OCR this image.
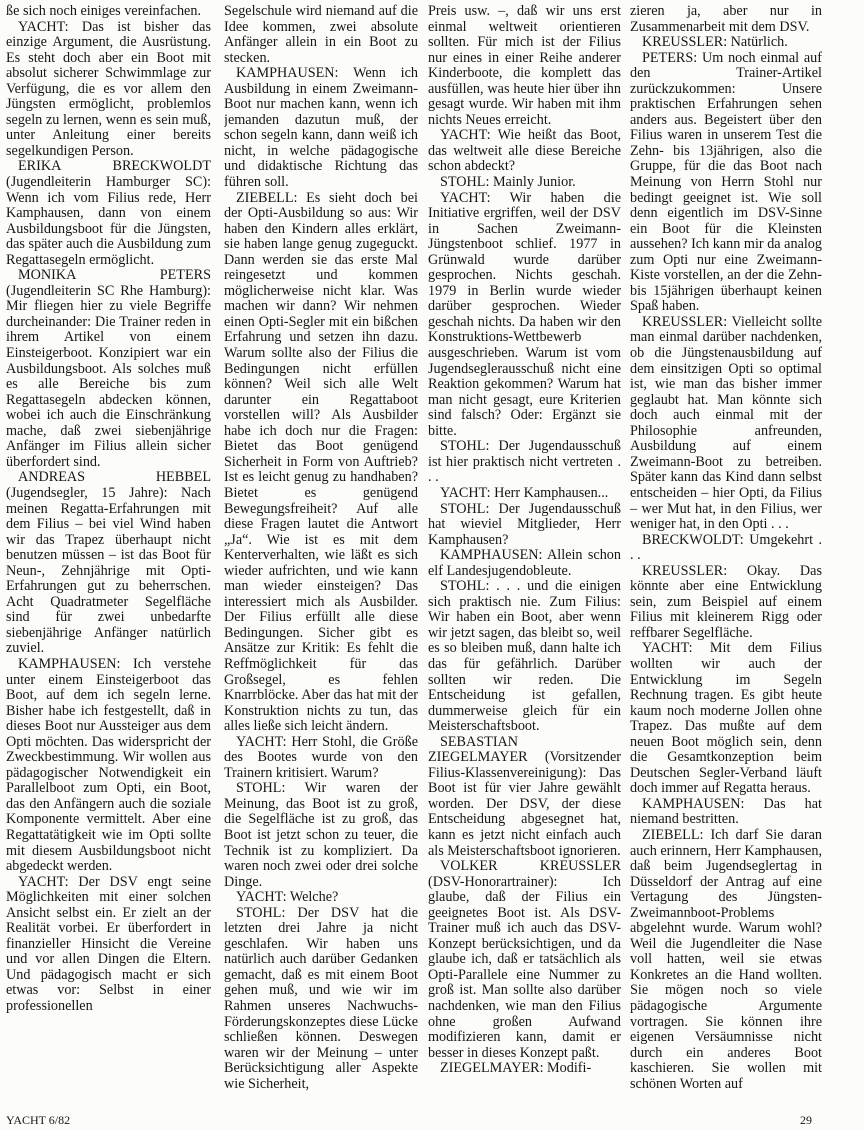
ße sich noch einiges vereinfachen.

YACHT: Das ist bisher das einzige Argument, die Ausrüstung. Es steht doch aber ein Boot mit absolut sicherer Schwimmlage zur Verfügung, die es vor allem den Jüngsten ermöglicht, problemlos segeln zu lernen, wenn es sein muß, unter Anleitung einer bereits segelkundigen Person.

ERIKA BRECKWOLDT (Jugendleiterin Hamburger SC): Wenn ich vom Filius rede, Herr Kamphausen, dann von einem Ausbildungsboot für die Jüngsten, das später auch die Ausbildung zum Regattasegeln ermöglicht.

MONIKA PETERS (Jugendleiterin SC Rhe Hamburg): Mir fliegen hier zu viele Begriffe durcheinander: Die Trainer reden in ihrem Artikel von einem Einsteigerboot. Konzipiert war ein Ausbildungsboot. Als solches muß es alle Bereiche bis zum Regattasegeln abdecken können, wobei ich auch die Einschränkung mache, daß zwei siebenjährige Anfänger im Filius allein sicher überfordert sind.

ANDREAS HEBBEL (Jugendsegler, 15 Jahre): Nach meinen Regatta-Erfahrungen mit dem Filius – bei viel Wind haben wir das Trapez überhaupt nicht benutzen müssen – ist das Boot für Neun-, Zehnjährige mit Opti-Erfahrungen gut zu beherrschen. Acht Quadratmeter Segelfläche sind für zwei unbedarfte siebenjährige Anfänger natürlich zuviel.

KAMPHAUSEN: Ich verstehe unter einem Einsteigerboot das Boot, auf dem ich segeln lerne. Bisher habe ich festgestellt, daß in dieses Boot nur Aussteiger aus dem Opti möchten. Das widerspricht der Zweckbestimmung. Wir wollen aus pädagogischer Notwendigkeit ein Parallelboot zum Opti, ein Boot, das den Anfängern auch die soziale Komponente vermittelt. Aber eine Regattatätigkeit wie im Opti sollte mit diesem Ausbildungsboot nicht abgedeckt werden.

YACHT: Der DSV engt seine Möglichkeiten mit einer solchen Ansicht selbst ein. Er zielt an der Realität vorbei. Er überfordert in finanzieller Hinsicht die Vereine und vor allen Dingen die Eltern. Und pädagogisch macht er sich etwas vor: Selbst in einer professionellen

Segelschule wird niemand auf die Idee kommen, zwei absolute Anfänger allein in ein Boot zu stecken.

KAMPHAUSEN: Wenn ich Ausbildung in einem Zweimann-Boot nur machen kann, wenn ich jemanden dazutun muß, der schon segeln kann, dann weiß ich nicht, in welche pädagogische und didaktische Richtung das führen soll.

ZIEBELL: Es sieht doch bei der Opti-Ausbildung so aus: Wir haben den Kindern alles erklärt, sie haben lange genug zugeguckt. Dann werden sie das erste Mal reingesetzt und kommen möglicherweise nicht klar. Was machen wir dann? Wir nehmen einen Opti-Segler mit ein bißchen Erfahrung und setzen ihn dazu. Warum sollte also der Filius die Bedingungen nicht erfüllen können? Weil sich alle Welt darunter ein Regattaboot vorstellen will? Als Ausbilder habe ich doch nur die Fragen: Bietet das Boot genügend Sicherheit in Form von Auftrieb? Ist es leicht genug zu handhaben? Bietet es genügend Bewegungsfreiheit? Auf alle diese Fragen lautet die Antwort „Ja“. Wie ist es mit dem Kenterverhalten, wie läßt es sich wieder aufrichten, und wie kann man wieder einsteigen? Das interessiert mich als Ausbilder. Der Filius erfüllt alle diese Bedingungen. Sicher gibt es Ansätze zur Kritik: Es fehlt die Reffmöglichkeit für das Großsegel, es fehlen Knarrblöcke. Aber das hat mit der Konstruktion nichts zu tun, das alles ließe sich leicht ändern.

YACHT: Herr Stohl, die Größe des Bootes wurde von den Trainern kritisiert. Warum?

STOHL: Wir waren der Meinung, das Boot ist zu groß, die Segelfläche ist zu groß, das Boot ist jetzt schon zu teuer, die Technik ist zu kompliziert. Da waren noch zwei oder drei solche Dinge.

YACHT: Welche?

STOHL: Der DSV hat die letzten drei Jahre ja nicht geschlafen. Wir haben uns natürlich auch darüber Gedanken gemacht, daß es mit einem Boot gehen muß, und wie wir im Rahmen unseres Nachwuchs-Förderungskonzeptes diese Lücke schließen können. Deswegen waren wir der Meinung – unter Berücksichtigung aller Aspekte wie Sicherheit,

Preis usw. –, daß wir uns erst einmal weltweit orientieren sollten. Für mich ist der Filius nur eines in einer Reihe anderer Kinderboote, die komplett das ausfüllen, was heute hier über ihn gesagt wurde. Wir haben mit ihm nichts Neues erreicht.

YACHT: Wie heißt das Boot, das weltweit alle diese Bereiche schon abdeckt?

STOHL: Mainly Junior.

YACHT: Wir haben die Initiative ergriffen, weil der DSV in Sachen Zweimann-Jüngstenboot schlief. 1977 in Grünwald wurde darüber gesprochen. Nichts geschah. 1979 in Berlin wurde wieder darüber gesprochen. Wieder geschah nichts. Da haben wir den Konstruktions-Wettbewerb ausgeschrieben. Warum ist vom Jugendseglerausschuß nicht eine Reaktion gekommen? Warum hat man nicht gesagt, eure Kriterien sind falsch? Oder: Ergänzt sie bitte.

STOHL: Der Jugendausschuß ist hier praktisch nicht vertreten . . .

YACHT: Herr Kamphausen...

STOHL: Der Jugendausschuß hat wieviel Mitglieder, Herr Kamphausen?

KAMPHAUSEN: Allein schon elf Landesjugendobleute.

STOHL: . . . und die einigen sich praktisch nie. Zum Filius: Wir haben ein Boot, aber wenn wir jetzt sagen, das bleibt so, weil es so bleiben muß, dann halte ich das für gefährlich. Darüber sollten wir reden. Die Entscheidung ist gefallen, dummerweise gleich für ein Meisterschaftsboot.

SEBASTIAN ZIEGELMAYER (Vorsitzender Filius-Klassenvereinigung): Das Boot ist für vier Jahre gewählt worden. Der DSV, der diese Entscheidung abgesegnet hat, kann es jetzt nicht einfach auch als Meisterschaftsboot ignorieren.

VOLKER KREUSSLER (DSV-Honorartrainer): Ich glaube, daß der Filius ein geeignetes Boot ist. Als DSV-Trainer muß ich auch das DSV-Konzept berücksichtigen, und da glaube ich, daß er tatsächlich als Opti-Parallele eine Nummer zu groß ist. Man sollte also darüber nachdenken, wie man den Filius ohne großen Aufwand modifizieren kann, damit er besser in dieses Konzept paßt.

ZIEGELMAYER: Modifi-

zieren ja, aber nur in Zusammenarbeit mit dem DSV.

KREUSSLER: Natürlich.

PETERS: Um noch einmal auf den Trainer-Artikel zurückzukommen: Unsere praktischen Erfahrungen sehen anders aus. Begeistert über den Filius waren in unserem Test die Zehn- bis 13jährigen, also die Gruppe, für die das Boot nach Meinung von Herrn Stohl nur bedingt geeignet ist. Wie soll denn eigentlich im DSV-Sinne ein Boot für die Kleinsten aussehen? Ich kann mir da analog zum Opti nur eine Zweimann-Kiste vorstellen, an der die Zehn- bis 15jährigen überhaupt keinen Spaß haben.

KREUSSLER: Vielleicht sollte man einmal darüber nachdenken, ob die Jüngstenausbildung auf dem einsitzigen Opti so optimal ist, wie man das bisher immer geglaubt hat. Man könnte sich doch auch einmal mit der Philosophie anfreunden, Ausbildung auf einem Zweimann-Boot zu betreiben. Später kann das Kind dann selbst entscheiden – hier Opti, da Filius – wer Mut hat, in den Filius, wer weniger hat, in den Opti . . .

BRECKWOLDT: Umgekehrt . . .

KREUSSLER: Okay. Das könnte aber eine Entwicklung sein, zum Beispiel auf einem Filius mit kleinerem Rigg oder reffbarer Segelfläche.

YACHT: Mit dem Filius wollten wir auch der Entwicklung im Segeln Rechnung tragen. Es gibt heute kaum noch moderne Jollen ohne Trapez. Das mußte auf dem neuen Boot möglich sein, denn die Gesamtkonzeption beim Deutschen Segler-Verband läuft doch immer auf Regatta heraus.

KAMPHAUSEN: Das hat niemand bestritten.

ZIEBELL: Ich darf Sie daran auch erinnern, Herr Kamphausen, daß beim Jugendseglertag in Düsseldorf der Antrag auf eine Vertagung des Jüngsten-Zweimannboot-Problems abgelehnt wurde. Warum wohl? Weil die Jugendleiter die Nase voll hatten, weil sie etwas Konkretes an die Hand wollten. Sie mögen noch so viele pädagogische Argumente vortragen. Sie können ihre eigenen Versäumnisse nicht durch ein anderes Boot kaschieren. Sie wollen mit schönen Worten auf

YACHT 6/82	29
